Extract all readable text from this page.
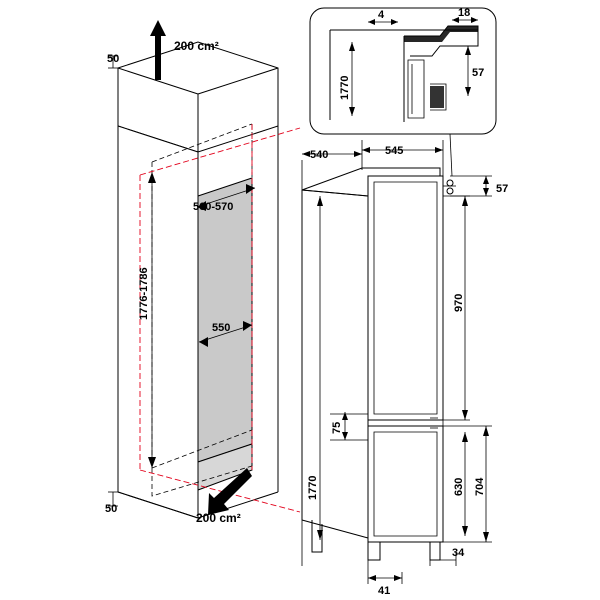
50
200 cm²
560-570
1776-1786
550
50
200 cm²
540	545
57
970
75
630 704
1770
34
41
4	18
57
1770
